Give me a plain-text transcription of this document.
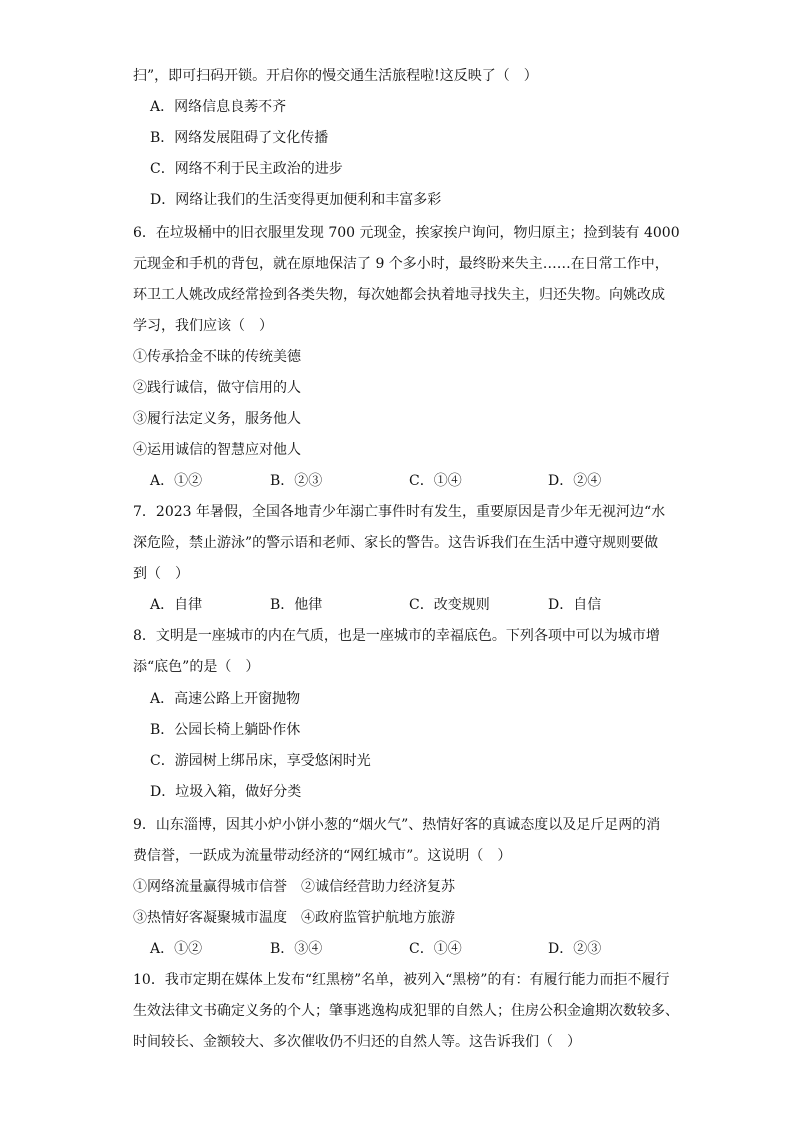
扫”，即可扫码开锁。开启你的慢交通生活旅程啦!这反映了（　）
A．网络信息良莠不齐
B．网络发展阻碍了文化传播
C．网络不利于民主政治的进步
D．网络让我们的生活变得更加便利和丰富多彩
6．在垃圾桶中的旧衣服里发现 700 元现金，挨家挨户询问，物归原主；捡到装有 4000
元现金和手机的背包，就在原地保洁了 9 个多小时，最终盼来失主……在日常工作中，
环卫工人姚改成经常捡到各类失物，每次她都会执着地寻找失主，归还失物。向姚改成
学习，我们应该（　）
①传承拾金不昧的传统美德
②践行诚信，做守信用的人
③履行法定义务，服务他人
④运用诚信的智慧应对他人
A．①②	B．②③	C．①④	D．②④
7．2023 年暑假，全国各地青少年溺亡事件时有发生，重要原因是青少年无视河边“水
深危险，禁止游泳”的警示语和老师、家长的警告。这告诉我们在生活中遵守规则要做
到（　）
A．自律	B．他律	C．改变规则	D．自信
8．文明是一座城市的内在气质，也是一座城市的幸福底色。下列各项中可以为城市增
添“底色”的是（　）
A．高速公路上开窗抛物
B．公园长椅上躺卧作休
C．游园树上绑吊床，享受悠闲时光
D．垃圾入箱，做好分类
9．山东淄博，因其小炉小饼小葱的“烟火气”、热情好客的真诚态度以及足斤足两的消
费信誉，一跃成为流量带动经济的“网红城市”。这说明（　）
①网络流量赢得城市信誉　②诚信经营助力经济复苏
③热情好客凝聚城市温度　④政府监管护航地方旅游
A．①②	B．③④	C．①④	D．②③
10．我市定期在媒体上发布“红黑榜”名单，被列入“黑榜”的有：有履行能力而拒不履行
生效法律文书确定义务的个人；肇事逃逸构成犯罪的自然人；住房公积金逾期次数较多、
时间较长、金额较大、多次催收仍不归还的自然人等。这告诉我们（　）
